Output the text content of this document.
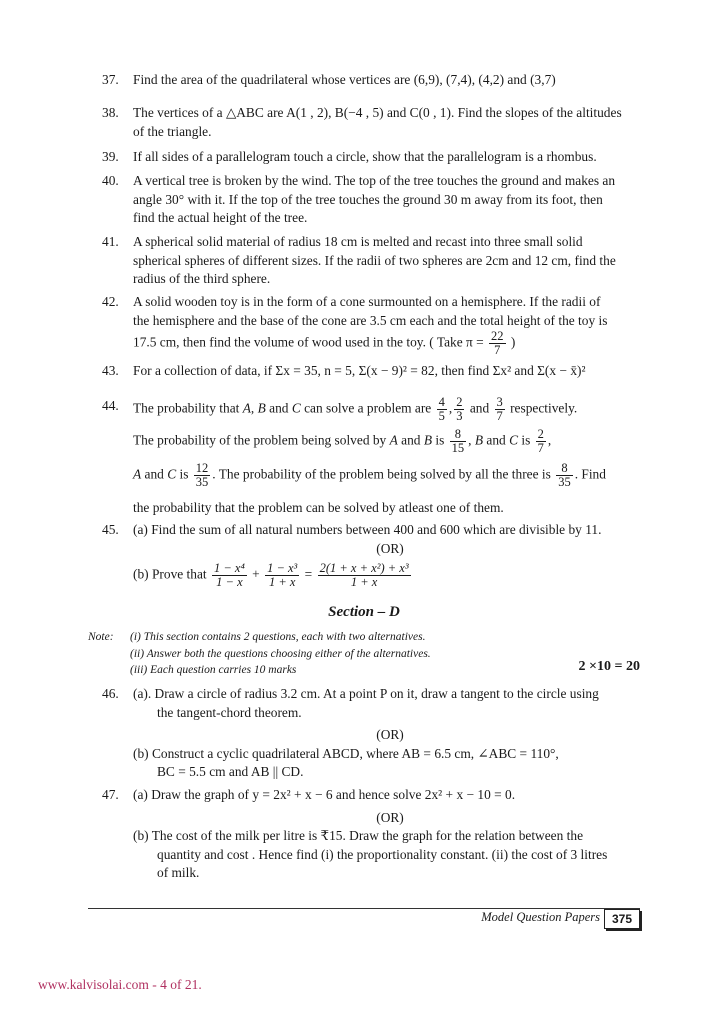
37.	Find the area of the quadrilateral whose vertices are (6,9), (7,4), (4,2) and (3,7)
38.	The vertices of a △ABC are A(1 , 2), B(−4 , 5) and C(0 , 1). Find the slopes of the altitudes
of the triangle.
39.	If all sides of a parallelogram touch a circle, show that the parallelogram is a rhombus.
40.	A vertical tree is broken by the wind. The top of the tree touches the ground and makes an
angle 30° with it. If the top of the tree touches the ground 30 m away from its foot, then
find the actual height of the tree.
41.	A spherical solid material of radius 18 cm is melted and recast into three small solid
spherical spheres of different sizes. If the radii of two spheres are 2cm and 12 cm, find the
radius of the third sphere.
42.	A solid wooden toy is in the form of a cone surmounted on a hemisphere. If the radii of
the hemisphere and the base of the cone are 3.5 cm each and the total height of the toy is
17.5 cm, then find the volume of wood used in the toy. ( Take $\pi = \frac{22}{7}$ )
43.	For a collection of data, if Σx = 35, n = 5, Σ(x − 9)² = 82, then find Σx² and Σ(x − x̄)²
44.	The probability that A, B and C can solve a problem are $\frac{4}{5}$ , $\frac{2}{3}$ and $\frac{3}{7}$ respectively.
The probability of the problem being solved by A and B is $\frac{8}{15}$ , B and C is $\frac{2}{7}$ ,
A and C is $\frac{12}{35}$ . The probability of the problem being solved by all the three is $\frac{8}{35}$ . Find
the probability that the problem can be solved by atleast one of them.
45.	(a) Find the sum of all natural numbers between 400 and 600 which are divisible by 11.
(OR)
(b) Prove that $\frac{\text{1 − x⁴}}{1 - x} + \frac{\text{1 − x³}}{1 + x} = \frac{\text{2(1 + x + x²) + x³}}{1 + x}$
Section – D
Note: (i) This section contains 2 questions, each with two alternatives.
(ii) Answer both the questions choosing either of the alternatives.
(iii) Each question carries 10 marks	2 ×10 = 20
46.	(a). Draw a circle of radius 3.2 cm. At a point P on it, draw a tangent to the circle using
the tangent-chord theorem.
(OR)
(b) Construct a cyclic quadrilateral ABCD, where AB = 6.5 cm, ∠ABC = 110°,
BC = 5.5 cm and AB || CD.
47.	(a) Draw the graph of y = 2x² + x − 6 and hence solve 2x² + x − 10 = 0.
(OR)
(b) The cost of the milk per litre is ₹15. Draw the graph for the relation between the
quantity and cost . Hence find (i) the proportionality constant. (ii) the cost of 3 litres
of milk.
Model Question Papers 375
www.kalvisolai.com - 4 of 21.
